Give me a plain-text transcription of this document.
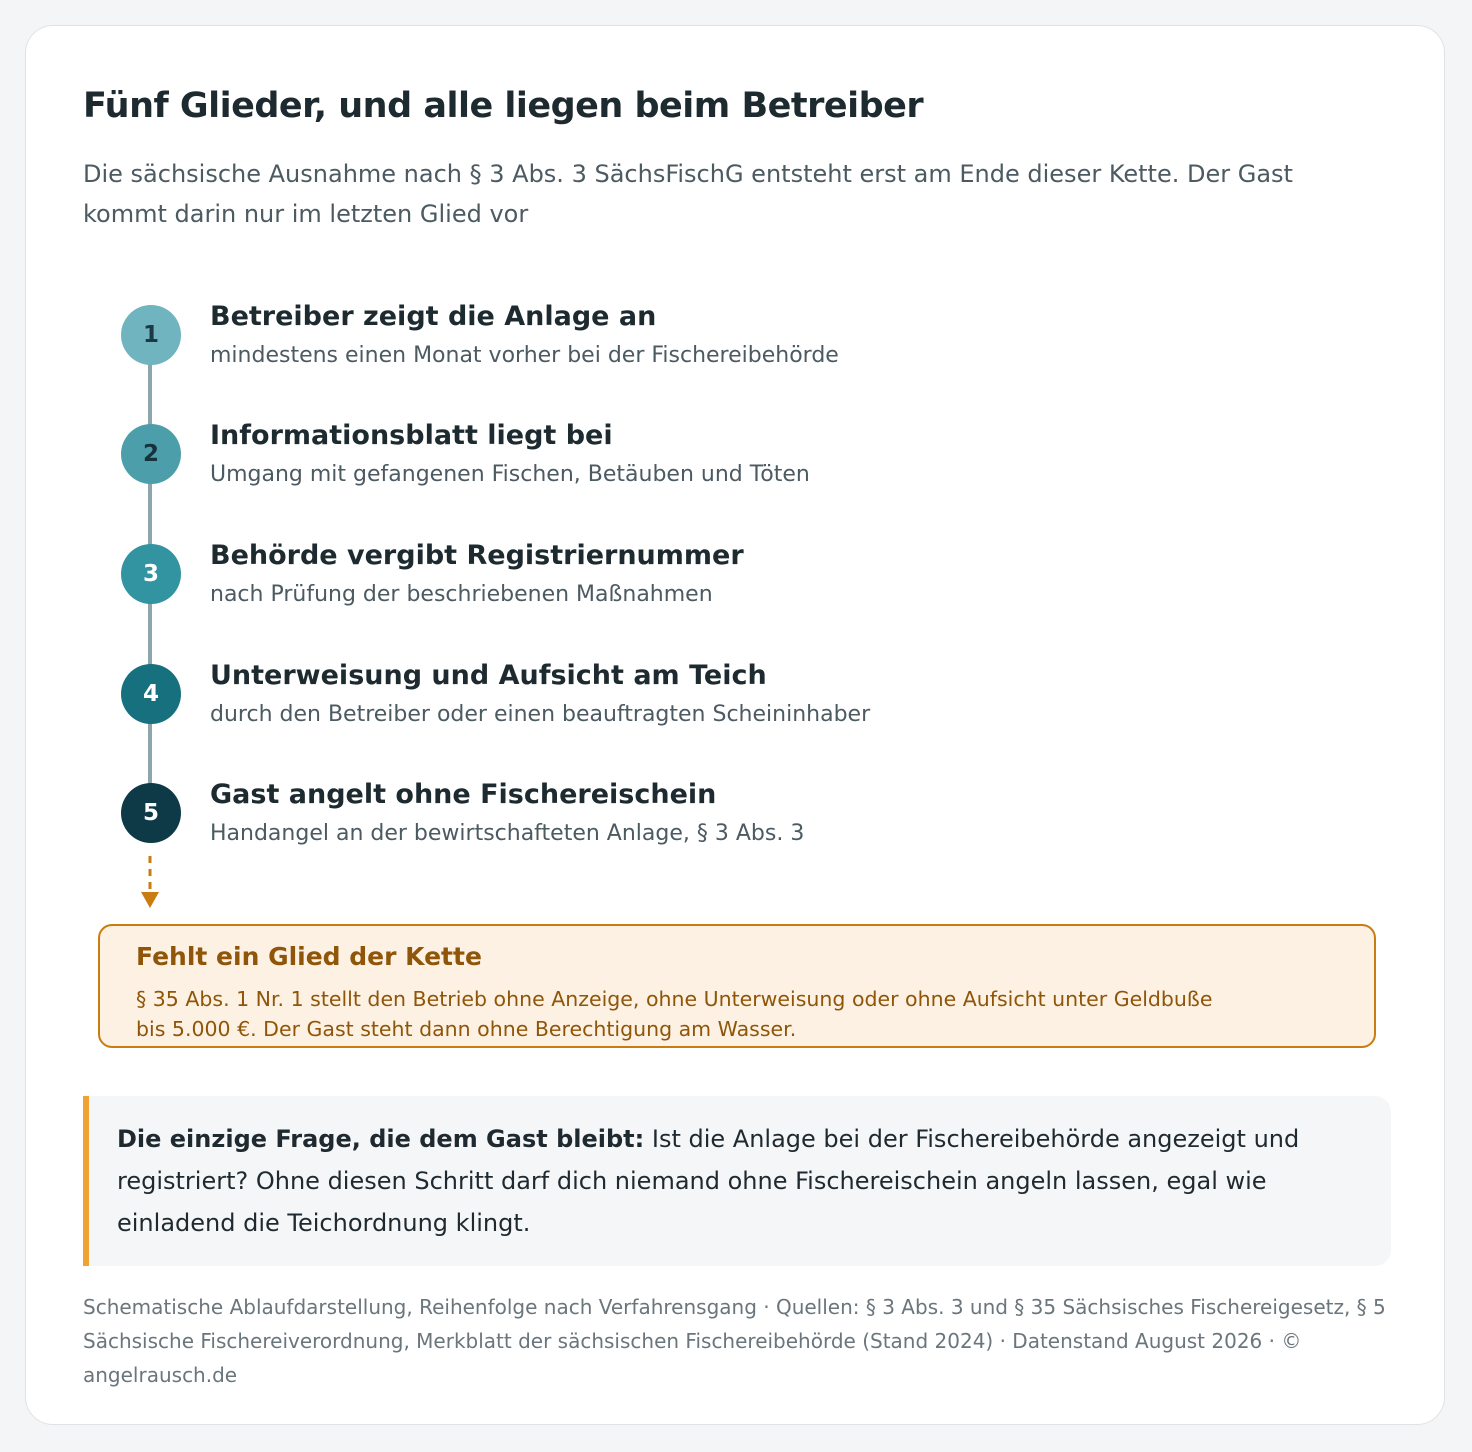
Fünf Glieder, und alle liegen beim Betreiber

Die sächsische Ausnahme nach § 3 Abs. 3 SächsFischG entsteht erst am Ende dieser Kette. Der Gast kommt darin nur im letzten Glied vor

1
Betreiber zeigt die Anlage an

mindestens einen Monat vorher bei der Fischereibehörde

2
Informationsblatt liegt bei

Umgang mit gefangenen Fischen, Betäuben und Töten

3
Behörde vergibt Registriernummer

nach Prüfung der beschriebenen Maßnahmen

4
Unterweisung und Aufsicht am Teich

durch den Betreiber oder einen beauftragten Scheininhaber

5
Gast angelt ohne Fischereischein

Handangel an der bewirtschafteten Anlage, § 3 Abs. 3

Fehlt ein Glied der Kette

§ 35 Abs. 1 Nr. 1 stellt den Betrieb ohne Anzeige, ohne Unterweisung oder ohne Aufsicht unter Geldbuße bis 5.000 €. Der Gast steht dann ohne Berechtigung am Wasser.

Die einzige Frage, die dem Gast bleibt: Ist die Anlage bei der Fischereibehörde angezeigt und registriert? Ohne diesen Schritt darf dich niemand ohne Fischereischein angeln lassen, egal wie einladend die Teichordnung klingt.

Schematische Ablaufdarstellung, Reihenfolge nach Verfahrensgang · Quellen: § 3 Abs. 3 und § 35 Sächsisches Fischereigesetz, § 5 Sächsische Fischereiverordnung, Merkblatt der sächsischen Fischereibehörde (Stand 2024) · Datenstand August 2026 · © angelrausch.de
